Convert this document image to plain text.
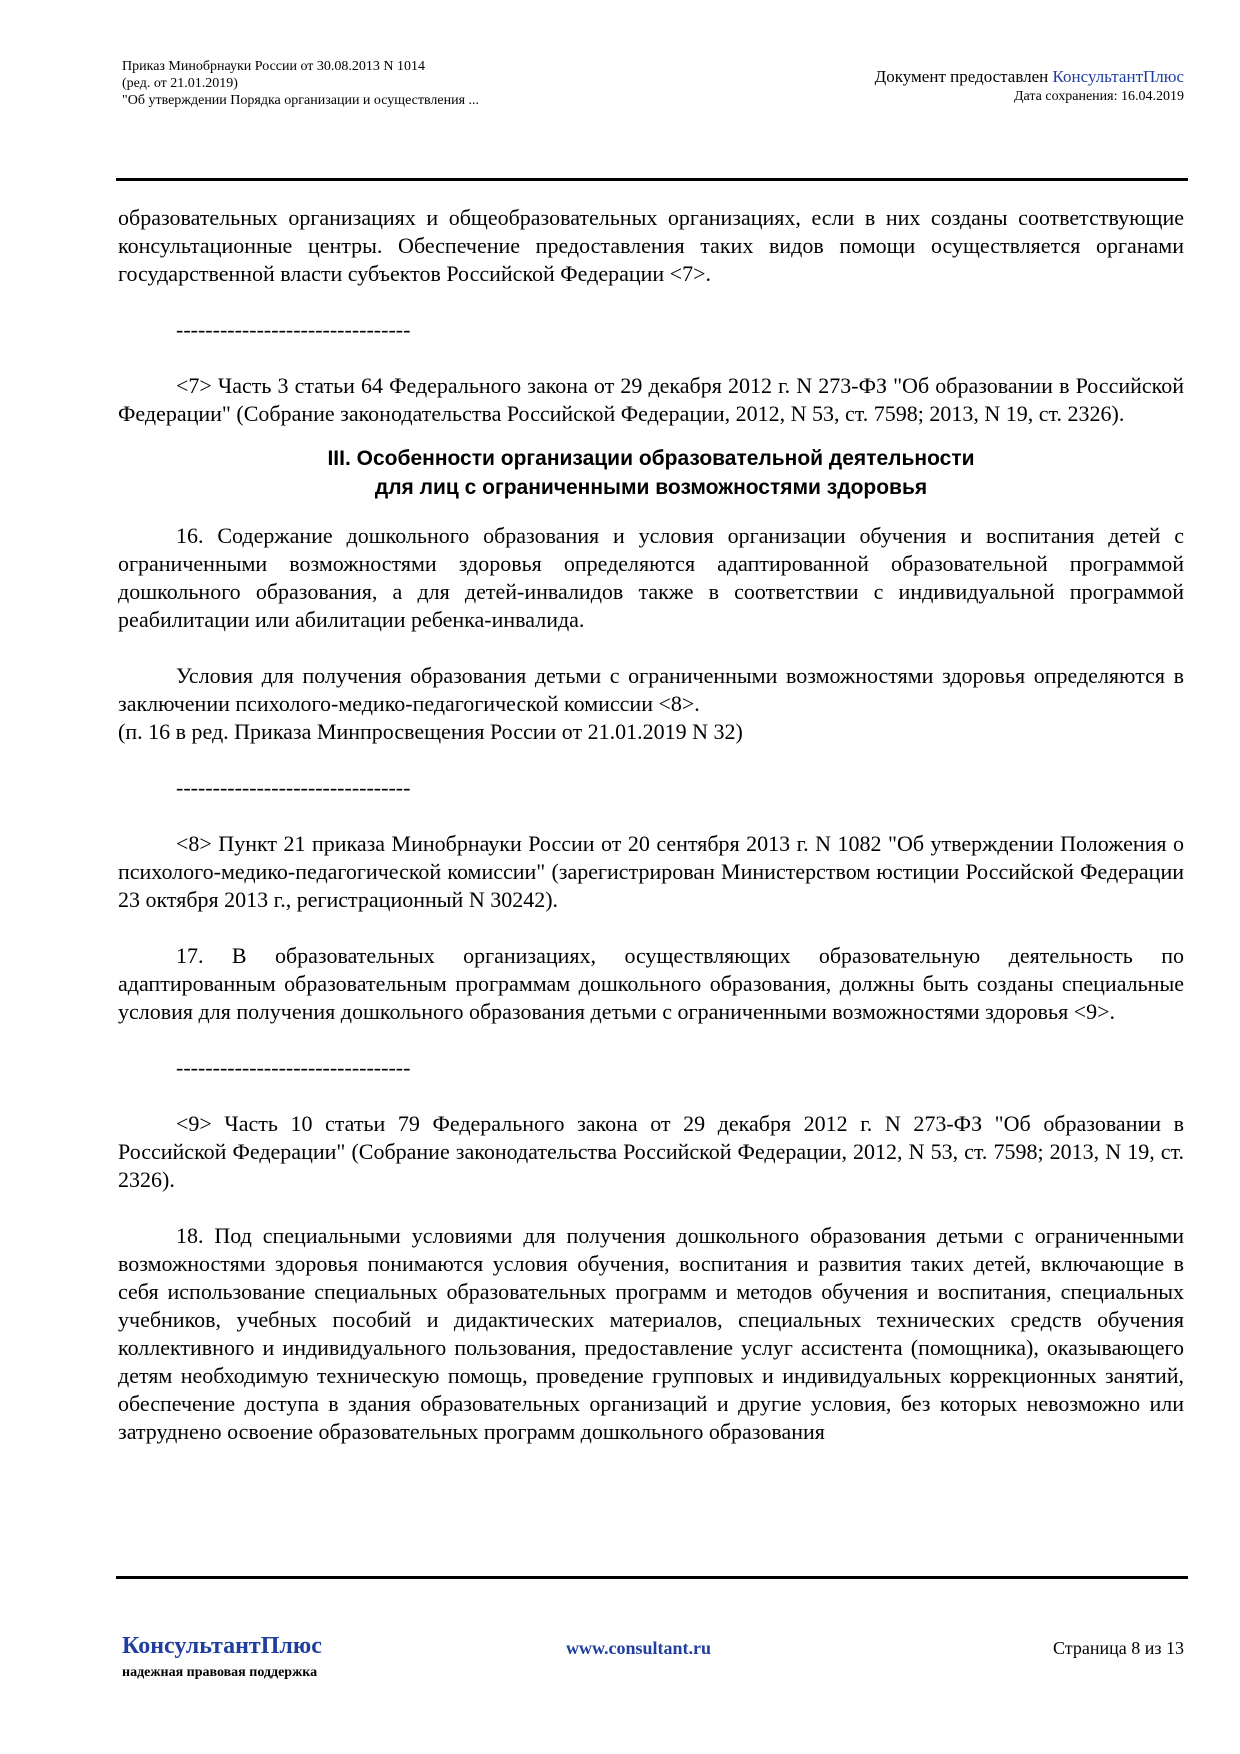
Приказ Минобрнауки России от 30.08.2013 N 1014
(ред. от 21.01.2019)
"Об утверждении Порядка организации и осуществления ...
Документ предоставлен КонсультантПлюс
Дата сохранения: 16.04.2019

образовательных организациях и общеобразовательных организациях, если в них созданы соответствующие консультационные центры. Обеспечение предоставления таких видов помощи осуществляется органами государственной власти субъектов Российской Федерации <7>.

--------------------------------

<7> Часть 3 статьи 64 Федерального закона от 29 декабря 2012 г. N 273-ФЗ "Об образовании в Российской Федерации" (Собрание законодательства Российской Федерации, 2012, N 53, ст. 7598; 2013, N 19, ст. 2326).

III. Особенности организации образовательной деятельности
для лиц с ограниченными возможностями здоровья

16. Содержание дошкольного образования и условия организации обучения и воспитания детей с ограниченными возможностями здоровья определяются адаптированной образовательной программой дошкольного образования, а для детей-инвалидов также в соответствии с индивидуальной программой реабилитации или абилитации ребенка-инвалида.

Условия для получения образования детьми с ограниченными возможностями здоровья определяются в заключении психолого-медико-педагогической комиссии <8>.

(п. 16 в ред. Приказа Минпросвещения России от 21.01.2019 N 32)

--------------------------------

<8> Пункт 21 приказа Минобрнауки России от 20 сентября 2013 г. N 1082 "Об утверждении Положения о психолого-медико-педагогической комиссии" (зарегистрирован Министерством юстиции Российской Федерации 23 октября 2013 г., регистрационный N 30242).

17. В образовательных организациях, осуществляющих образовательную деятельность по адаптированным образовательным программам дошкольного образования, должны быть созданы специальные условия для получения дошкольного образования детьми с ограниченными возможностями здоровья <9>.

--------------------------------

<9> Часть 10 статьи 79 Федерального закона от 29 декабря 2012 г. N 273-ФЗ "Об образовании в Российской Федерации" (Собрание законодательства Российской Федерации, 2012, N 53, ст. 7598; 2013, N 19, ст. 2326).

18. Под специальными условиями для получения дошкольного образования детьми с ограниченными возможностями здоровья понимаются условия обучения, воспитания и развития таких детей, включающие в себя использование специальных образовательных программ и методов обучения и воспитания, специальных учебников, учебных пособий и дидактических материалов, специальных технических средств обучения коллективного и индивидуального пользования, предоставление услуг ассистента (помощника), оказывающего детям необходимую техническую помощь, проведение групповых и индивидуальных коррекционных занятий, обеспечение доступа в здания образовательных организаций и другие условия, без которых невозможно или затруднено освоение образовательных программ дошкольного образования

КонсультантПлюс
надежная правовая поддержка
www.consultant.ru	Страница 8 из 13
